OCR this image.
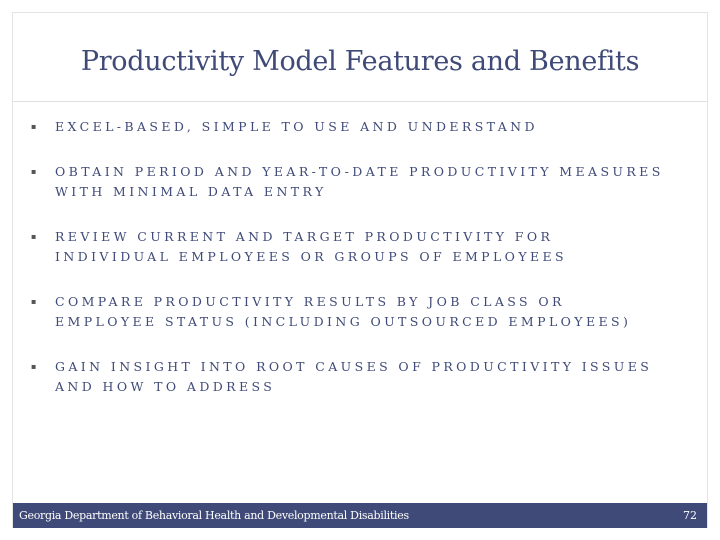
Productivity Model Features and Benefits
▪	EXCEL-BASED, SIMPLE TO USE AND UNDERSTAND
▪	OBTAIN PERIOD AND YEAR-TO-DATE PRODUCTIVITY MEASURES WITH MINIMAL DATA ENTRY
▪	REVIEW CURRENT AND TARGET PRODUCTIVITY FOR INDIVIDUAL EMPLOYEES OR GROUPS OF EMPLOYEES
▪	COMPARE PRODUCTIVITY RESULTS BY JOB CLASS OR EMPLOYEE STATUS (INCLUDING OUTSOURCED EMPLOYEES)
▪	GAIN INSIGHT INTO ROOT CAUSES OF PRODUCTIVITY ISSUES AND HOW TO ADDRESS
Georgia Department of Behavioral Health and Developmental Disabilities	72
